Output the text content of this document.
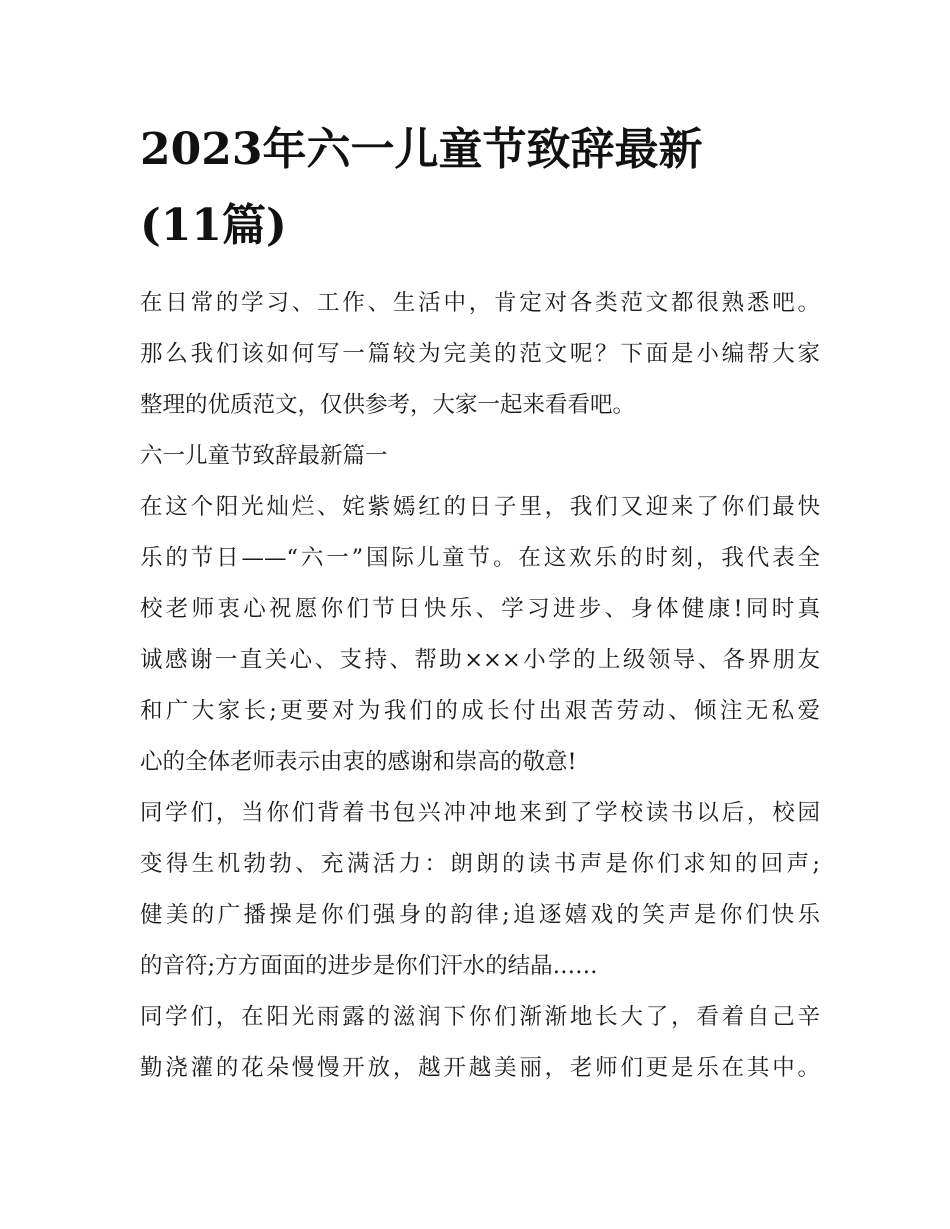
2023年六一儿童节致辞最新
(11篇)

在日常的学习、工作、生活中，肯定对各类范文都很熟悉吧。
那么我们该如何写一篇较为完美的范文呢？下面是小编帮大家
整理的优质范文，仅供参考，大家一起来看看吧。

六一儿童节致辞最新篇一

在这个阳光灿烂、姹紫嫣红的日子里，我们又迎来了你们最快
乐的节日——“六一”国际儿童节。在这欢乐的时刻，我代表全
校老师衷心祝愿你们节日快乐、学习进步、身体健康!同时真
诚感谢一直关心、支持、帮助×××小学的上级领导、各界朋友
和广大家长;更要对为我们的成长付出艰苦劳动、倾注无私爱
心的全体老师表示由衷的感谢和崇高的敬意!

同学们，当你们背着书包兴冲冲地来到了学校读书以后，校园
变得生机勃勃、充满活力：朗朗的读书声是你们求知的回声;
健美的广播操是你们强身的韵律;追逐嬉戏的笑声是你们快乐
的音符;方方面面的进步是你们汗水的结晶……

同学们，在阳光雨露的滋润下你们渐渐地长大了，看着自己辛
勤浇灌的花朵慢慢开放，越开越美丽，老师们更是乐在其中。
